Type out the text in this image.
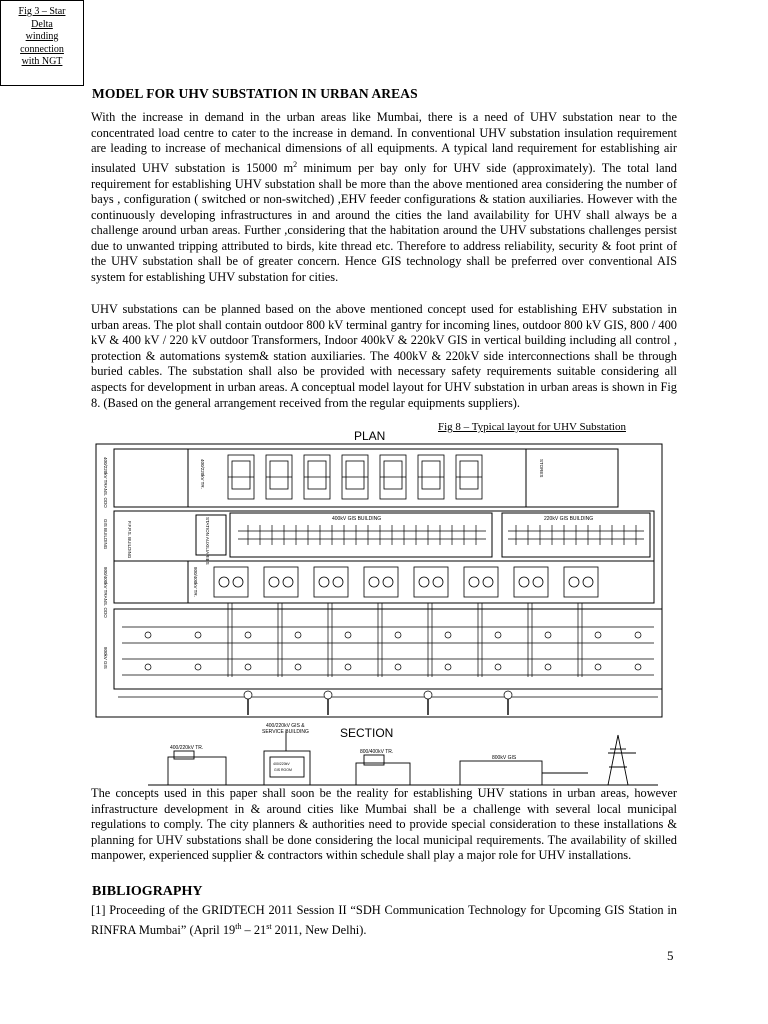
Fig 3 – Star
Delta
winding
connection
with NGT
MODEL FOR UHV SUBSTATION IN URBAN AREAS

With the increase in demand in the urban areas like Mumbai, there is a need of UHV substation near to the concentrated load centre to cater to the increase in demand. In conventional UHV substation insulation requirement are leading to increase of mechanical dimensions of all equipments. A typical land requirement for establishing air insulated UHV substation is 15000 $m^2$ minimum per bay only for UHV side (approximately). The total land requirement for establishing UHV substation shall be more than the above mentioned area considering the number of bays , configuration ( switched or non-switched) ,EHV feeder configurations & station auxiliaries. However with the continuously developing infrastructures in and around the cities the land availability for UHV shall always be a challenge around urban areas. Further ,considering that the habitation around the UHV substations challenges persist due to unwanted tripping attributed to birds, kite thread etc. Therefore to address reliability, security & foot print of the UHV substation shall be of greater concern. Hence GIS technology shall be preferred over conventional AIS system for establishing UHV substation for cities.

UHV substations can be planned based on the above mentioned concept used for establishing EHV substation in urban areas. The plot shall contain outdoor 800 kV terminal gantry for incoming lines, outdoor 800 kV GIS, 800 / 400 kV & 400 kV / 220 kV outdoor Transformers, Indoor 400kV & 220kV GIS in vertical building including all control , protection & automations system& station auxiliaries. The 400kV & 220kV side interconnections shall be through buried cables. The substation shall also be provided with necessary safety requirements suitable considering all aspects for development in urban areas. A conceptual model layout for UHV substation in urban areas is shown in Fig 8. (Based on the general arrangement received from the regular equipments suppliers).

Fig 8 – Typical layout for UHV Substation
PLAN
SECTION
400/220kV TRANS. ODO	400/220kV TR.	STORES
GIS BUILDING	F.F.P.S. BUILDING	STATION AUXILIARIES	400kV GIS BUILDING	220kV GIS BUILDING
800/400kV TRANS. ODO	800/400kV TR.
800kV GIS
400/220kV TR.
400/220kV GIS &
SERVICE BUILDING
800/400kV TR.
800kV GIS
400/220kV
GIS ROOM

The concepts used in this paper shall soon be the reality for establishing UHV stations in urban areas, however infrastructure development in & around cities like Mumbai shall be a challenge with several local municipal regulations to comply. The city planners & authorities need to provide special consideration to these installations & planning for UHV substations shall be done considering the local municipal requirements. The availability of skilled manpower, experienced supplier & contractors within schedule shall play a major role for UHV installations.

BIBLIOGRAPHY

[1] Proceeding of the GRIDTECH 2011 Session II “SDH Communication Technology for Upcoming GIS Station in RINFRA Mumbai” (April 19th – 21st 2011, New Delhi).

5
